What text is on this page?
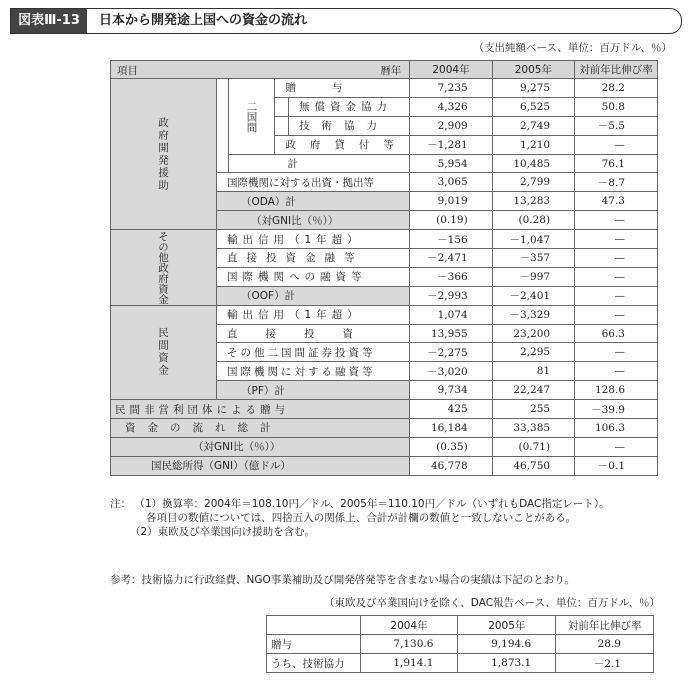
図表Ⅲ-13	日本から開発途上国への資金の流れ
（支出純額ベース、単位：百万ドル、％）
項目 暦年					2004年	2005年	対前年比伸び率
政府開発援助		二国間	贈　　与		7,235	9,275	28.2
				無償資金協力	4,326	6,525	50.8
				技術協力	2,909	2,749	－5.5
			政府貸付等		－1,281	1,210	—
		計			5,954	10,485	76.1
	国際機関に対する出資・拠出等				3,065	2,799	－8.7
	（ODA）計				9,019	13,283	47.3
	（対GNI比（％））				(0.19)	(0.28)	—
その他政府資金	輸出信用（1年超）				－156	－1,047	—
	直接投資金融等				－2,471	－357	—
	国際機関への融資等				－366	－997	—
	（OOF）計				－2,993	－2,401	—
民間資金	輸出信用（1年超）				1,074	－3,329	—
	直接投資				13,955	23,200	66.3
	その他二国間証券投資等				－2,275	2,295	—
	国際機関に対する融資等				－3,020	81	—
	（PF）計				9,734	22,247	128.6
民間非営利団体による贈与					425	255	－39.9
資金の流れ総計					16,184	33,385	106.3
（対GNI比（％））					(0.35)	(0.71)	—
国民総所得（GNI）（億ドル）					46,778	46,750	－0.1
注： （1）換算率：2004年＝108.10円／ドル、2005年＝110.10円／ドル（いずれもDAC指定レート）。
各項目の数値については、四捨五入の関係上、合計が計欄の数値と一致しないことがある。
（2）東欧及び卒業国向け援助を含む。
参考：技術協力に行政経費、NGO事業補助及び開発啓発等を含まない場合の実績は下記のとおり。
（東欧及び卒業国向けを除く、DAC報告ベース、単位：百万ドル、％）
	2004年	2005年	対前年比伸び率
贈与	7,130.6	9,194.6	28.9
うち、技術協力	1,914.1	1,873.1	－2.1
